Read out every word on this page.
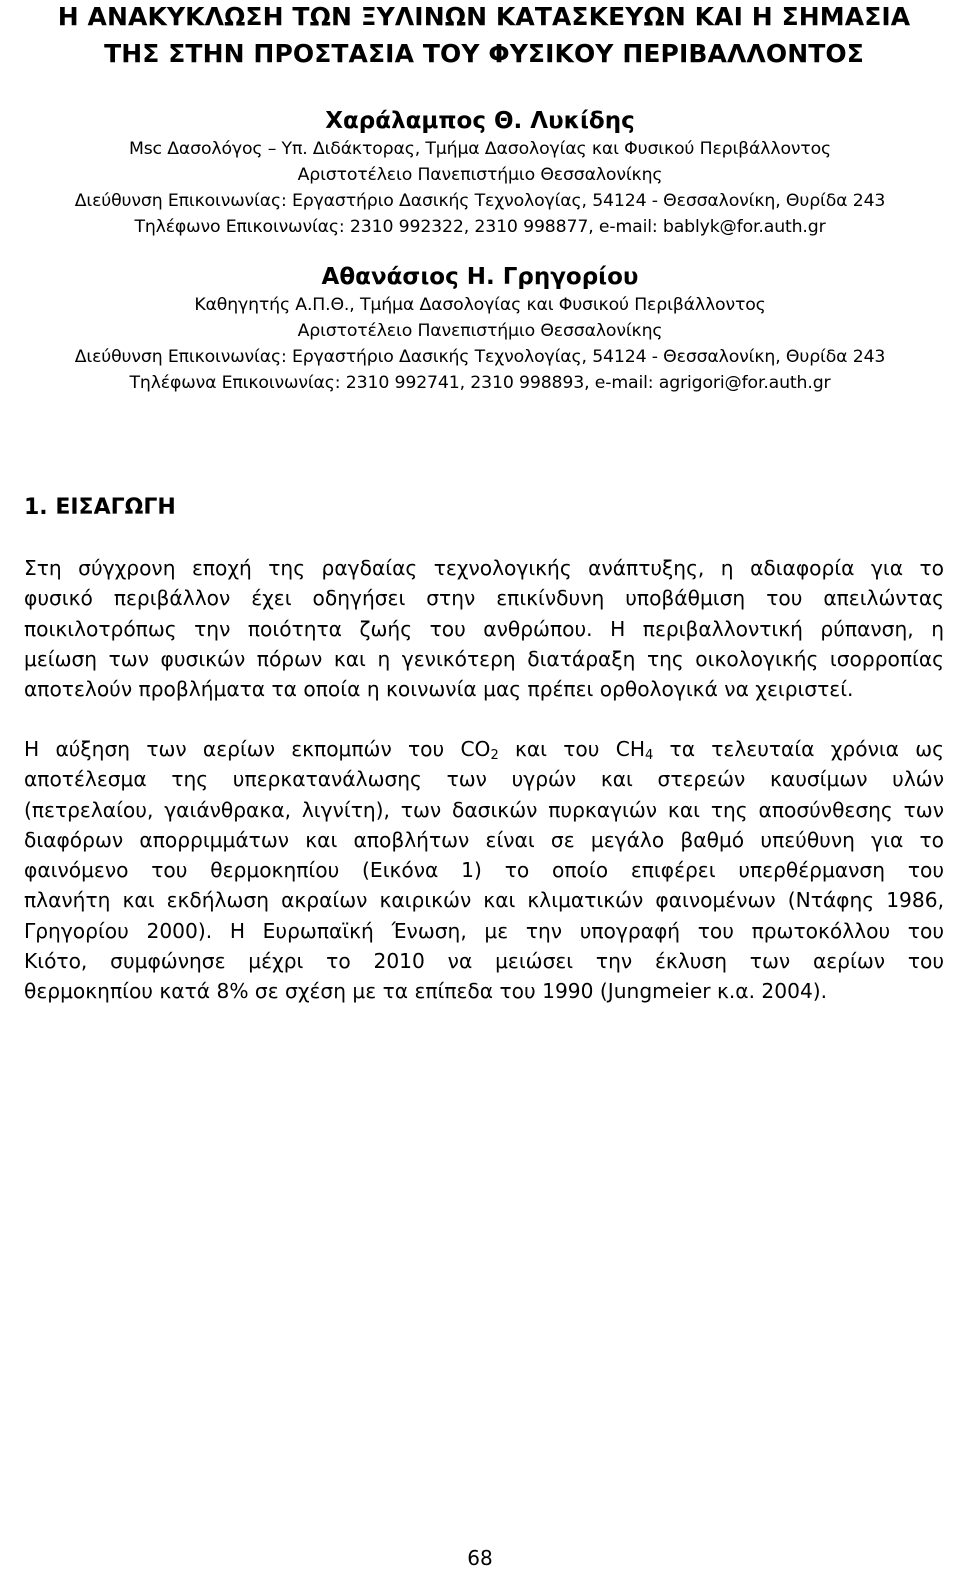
Η ΑΝΑΚΥΚΛΩΣΗ ΤΩΝ ΞΥΛΙΝΩΝ ΚΑΤΑΣΚΕΥΩΝ ΚΑΙ Η ΣΗΜΑΣΙΑ
ΤΗΣ ΣΤΗΝ ΠΡΟΣΤΑΣΙΑ ΤΟΥ ΦΥΣΙΚΟΥ ΠΕΡΙΒΑΛΛΟΝΤΟΣ
Χαράλαμπος Θ. Λυκίδης
Msc Δασολόγος – Υπ. Διδάκτορας, Τμήμα Δασολογίας και Φυσικού Περιβάλλοντος
Αριστοτέλειο Πανεπιστήμιο Θεσσαλονίκης
Διεύθυνση Επικοινωνίας: Εργαστήριο Δασικής Τεχνολογίας, 54124 - Θεσσαλονίκη, Θυρίδα 243
Τηλέφωνο Επικοινωνίας: 2310 992322, 2310 998877, e-mail: bablyk@for.auth.gr
Αθανάσιος Η. Γρηγορίου
Καθηγητής Α.Π.Θ., Τμήμα Δασολογίας και Φυσικού Περιβάλλοντος
Αριστοτέλειο Πανεπιστήμιο Θεσσαλονίκης
Διεύθυνση Επικοινωνίας: Εργαστήριο Δασικής Τεχνολογίας, 54124 - Θεσσαλονίκη, Θυρίδα 243
Τηλέφωνα Επικοινωνίας: 2310 992741, 2310 998893, e-mail: agrigori@for.auth.gr
1. ΕΙΣΑΓΩΓΗ
Στη σύγχρονη εποχή της ραγδαίας τεχνολογικής ανάπτυξης, η αδιαφορία για το
φυσικό περιβάλλον έχει οδηγήσει στην επικίνδυνη υποβάθμιση του απειλώντας
ποικιλοτρόπως την ποιότητα ζωής του ανθρώπου. Η περιβαλλοντική ρύπανση, η
μείωση των φυσικών πόρων και η γενικότερη διατάραξη της οικολογικής ισορροπίας
αποτελούν προβλήματα τα οποία η κοινωνία μας πρέπει ορθολογικά να χειριστεί.
Η αύξηση των αερίων εκπομπών του $CO_2$ και του $CH_4$ τα τελευταία χρόνια ως
αποτέλεσμα της υπερκατανάλωσης των υγρών και στερεών καυσίμων υλών
(πετρελαίου, γαιάνθρακα, λιγνίτη), των δασικών πυρκαγιών και της αποσύνθεσης των
διαφόρων απορριμμάτων και αποβλήτων είναι σε μεγάλο βαθμό υπεύθυνη για το
φαινόμενο του θερμοκηπίου (Εικόνα 1) το οποίο επιφέρει υπερθέρμανση του
πλανήτη και εκδήλωση ακραίων καιρικών και κλιματικών φαινομένων (Ντάφης 1986,
Γρηγορίου 2000). Η Ευρωπαϊκή Ένωση, με την υπογραφή του πρωτοκόλλου του
Κιότο, συμφώνησε μέχρι το 2010 να μειώσει την έκλυση των αερίων του
θερμοκηπίου κατά 8% σε σχέση με τα επίπεδα του 1990 (Jungmeier κ.α. 2004).
68
